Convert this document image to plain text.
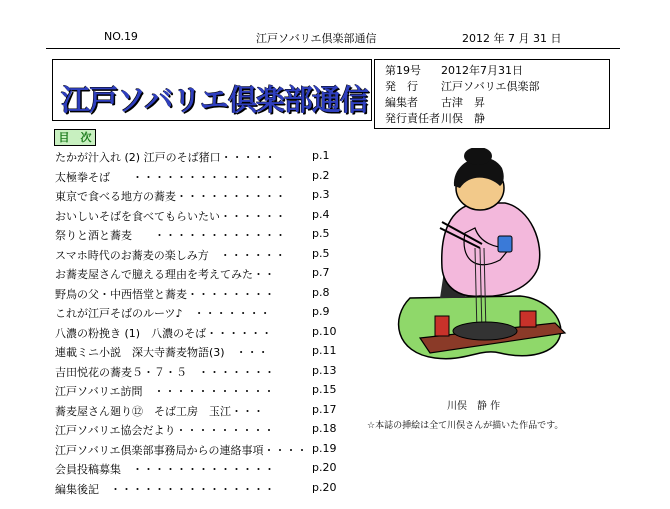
NO.19	江戸ソバリエ倶楽部通信	2012 年 7 月 31 日
江戸ソバリエ倶楽部通信
第19号 2012年7月31日
発　行 江戸ソバリエ倶楽部
編集者 古津　昇
発行責任者川俣　静
目　次
たかが汁入れ (2) 江戸のそば猪口・・・・・	p.1
太極拳そば　　・・・・・・・・・・・・・・ p.2
東京で食べる地方の蕎麦・・・・・・・・・・ p.3
おいしいそばを食べてもらいたい・・・・・・ p.4
祭りと酒と蕎麦　　・・・・・・・・・・・・ p.5
スマホ時代のお蕎麦の楽しみ方　・・・・・・ p.5
お蕎麦屋さんで臆える理由を考えてみた・・	p.7
野鳥の父・中西悟堂と蕎麦・・・・・・・・	p.8
これが江戸そばのルーツ♪　・・・・・・・	p.9
八濃の粉挽き (1)　八濃のそば・・・・・・	p.10
連載ミニ小説　深大寺蕎麦物語(3)　・・・	p.11
吉田悦花の蕎麦５・７・５　・・・・・・・	p.13
江戸ソバリエ訪問　・・・・・・・・・・・	p.15
蕎麦屋さん廻り⑫　そば工房　玉江・・・	p.17
江戸ソバリエ協会だより・・・・・・・・・	p.18
江戸ソバリエ倶楽部事務局からの連絡事項・・・・ p.19
会員投稿募集　・・・・・・・・・・・・・	p.20
編集後記　・・・・・・・・・・・・・・・	p.20
川俣　静 作
☆本誌の挿絵は全て川俣さんが描いた作品です。
